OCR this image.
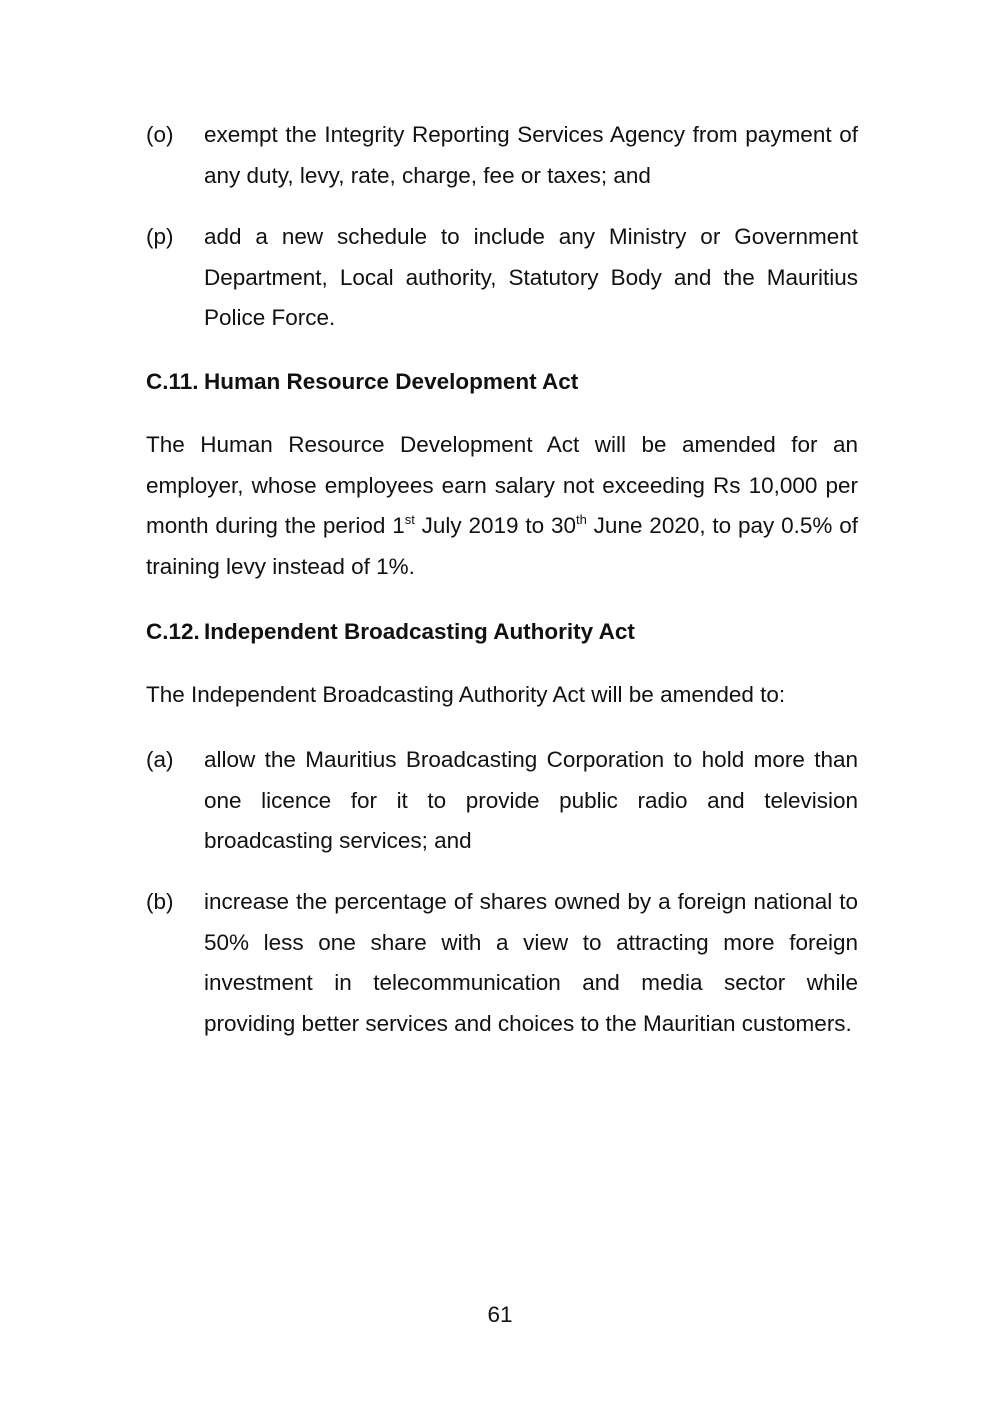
(o) exempt the Integrity Reporting Services Agency from payment of any duty, levy, rate, charge, fee or taxes; and
(p) add a new schedule to include any Ministry or Government Department, Local authority, Statutory Body and the Mauritius Police Force.
C.11. Human Resource Development Act
The Human Resource Development Act will be amended for an employer, whose employees earn salary not exceeding Rs 10,000 per month during the period 1st July 2019 to 30th June 2020, to pay 0.5% of training levy instead of 1%.
C.12. Independent Broadcasting Authority Act
The Independent Broadcasting Authority Act will be amended to:
(a) allow the Mauritius Broadcasting Corporation to hold more than one licence for it to provide public radio and television broadcasting services; and
(b) increase the percentage of shares owned by a foreign national to 50% less one share with a view to attracting more foreign investment in telecommunication and media sector while providing better services and choices to the Mauritian customers.
61
